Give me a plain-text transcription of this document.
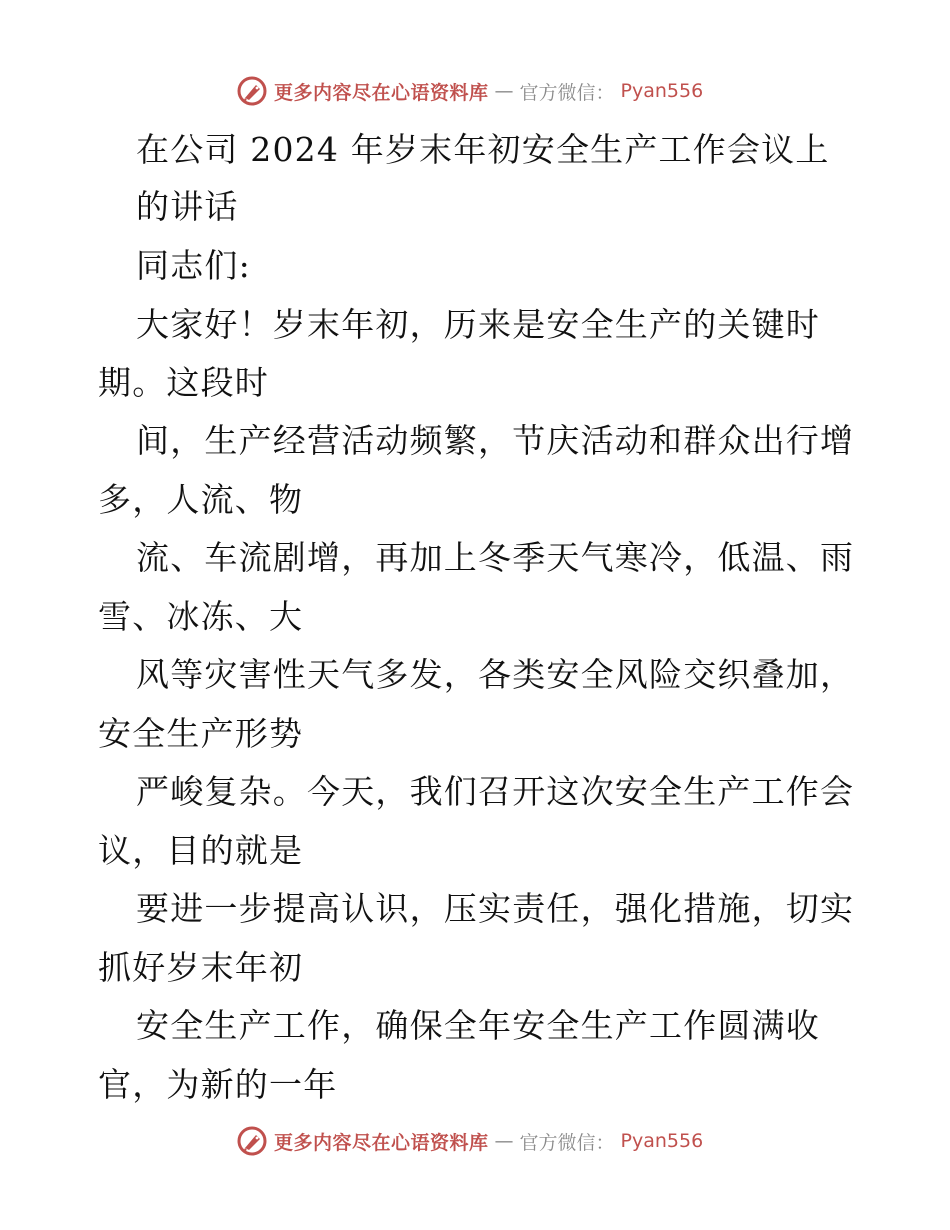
更多内容尽在心语资料库 — 官方微信： Pyan556
在公司 2024 年岁末年初安全生产工作会议上
的讲话
同志们:
大家好！岁末年初，历来是安全生产的关键时
期。这段时
间，生产经营活动频繁，节庆活动和群众出行增
多，人流、物
流、车流剧增，再加上冬季天气寒冷，低温、雨
雪、冰冻、大
风等灾害性天气多发，各类安全风险交织叠加，
安全生产形势
严峻复杂。今天，我们召开这次安全生产工作会
议，目的就是
要进一步提高认识，压实责任，强化措施，切实
抓好岁末年初
安全生产工作，确保全年安全生产工作圆满收
官，为新的一年
更多内容尽在心语资料库 — 官方微信： Pyan556
